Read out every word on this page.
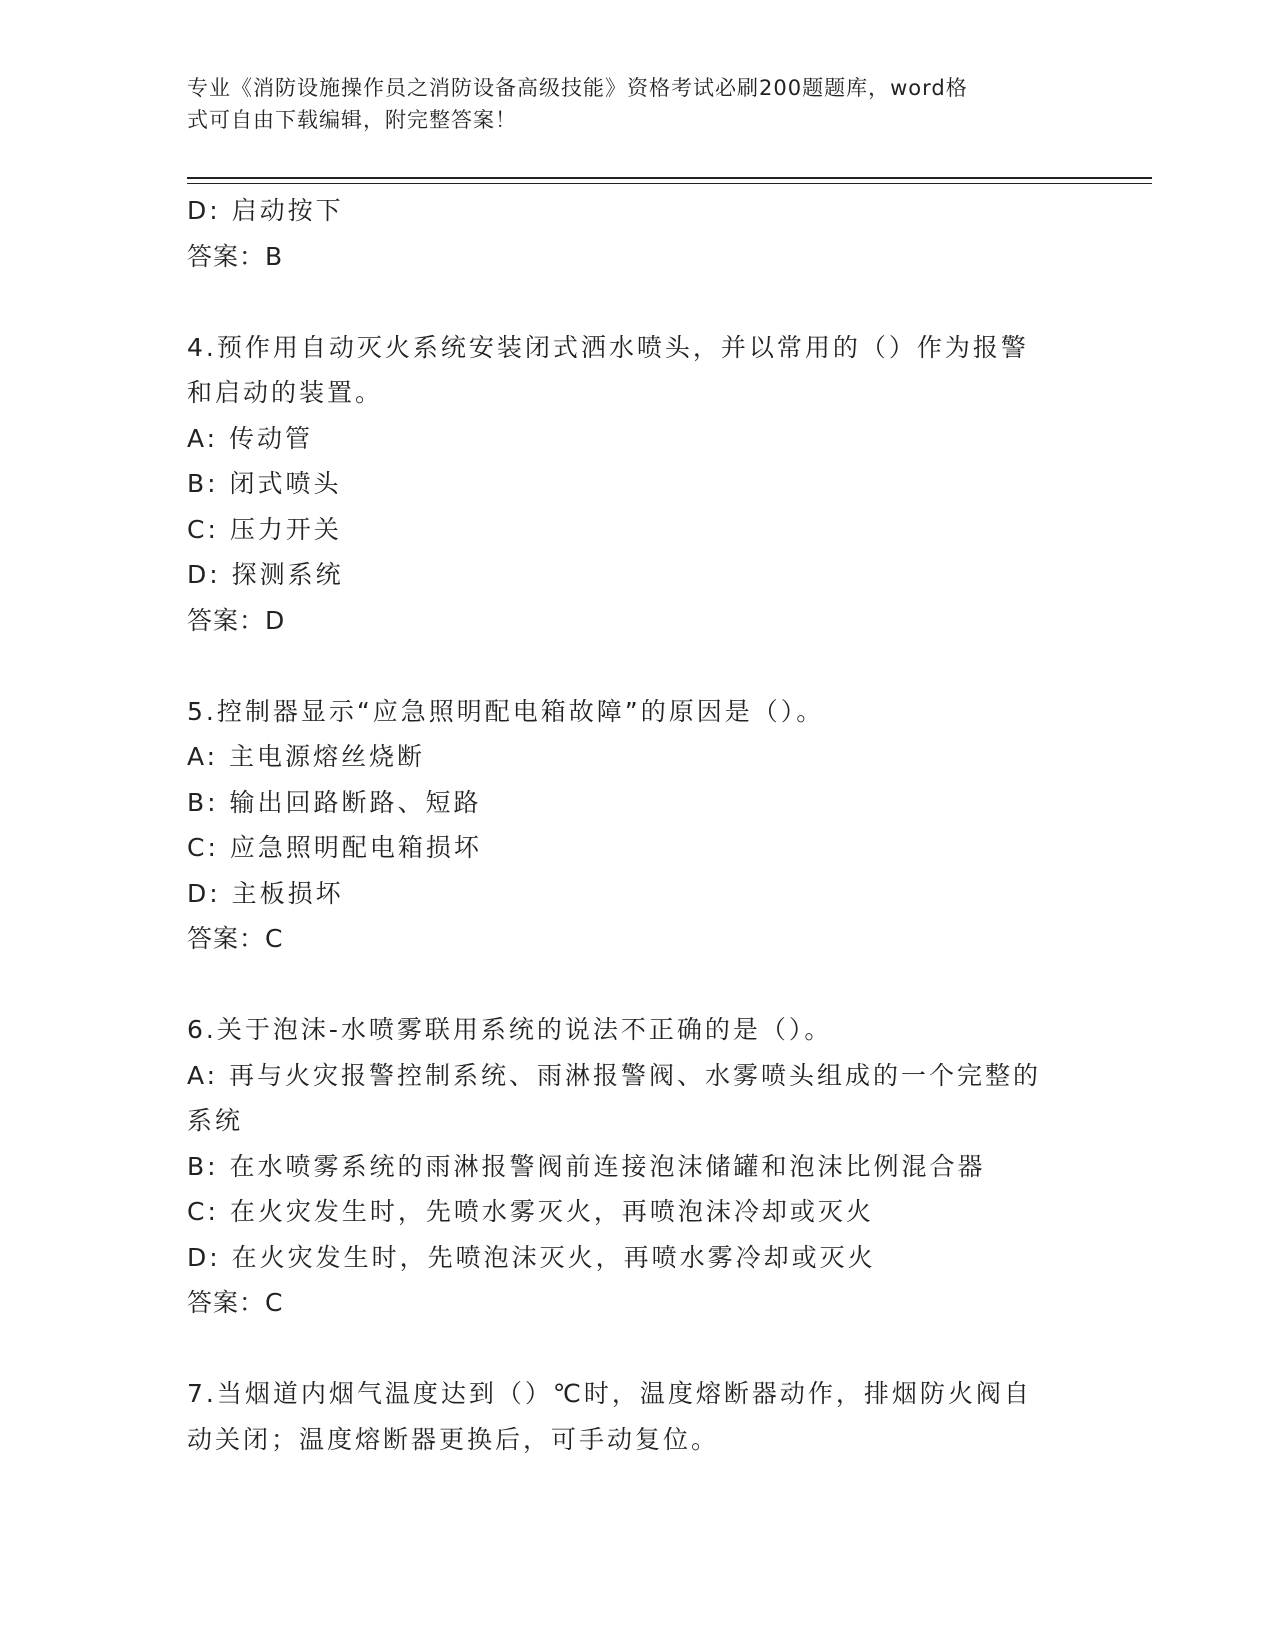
专业《消防设施操作员之消防设备高级技能》资格考试必刷200题题库，word格
式可自由下载编辑，附完整答案！
D: 启动按下
答案：B
4.预作用自动灭火系统安装闭式洒水喷头，并以常用的（）作为报警
和启动的装置。
A: 传动管
B: 闭式喷头
C: 压力开关
D: 探测系统
答案：D
5.控制器显示“应急照明配电箱故障”的原因是（）。
A: 主电源熔丝烧断
B: 输出回路断路、短路
C: 应急照明配电箱损坏
D: 主板损坏
答案：C
6.关于泡沫-水喷雾联用系统的说法不正确的是（）。
A: 再与火灾报警控制系统、雨淋报警阀、水雾喷头组成的一个完整的
系统
B: 在水喷雾系统的雨淋报警阀前连接泡沫储罐和泡沫比例混合器
C: 在火灾发生时，先喷水雾灭火，再喷泡沫冷却或灭火
D: 在火灾发生时，先喷泡沫灭火，再喷水雾冷却或灭火
答案：C
7.当烟道内烟气温度达到（）℃时，温度熔断器动作，排烟防火阀自
动关闭；温度熔断器更换后，可手动复位。
